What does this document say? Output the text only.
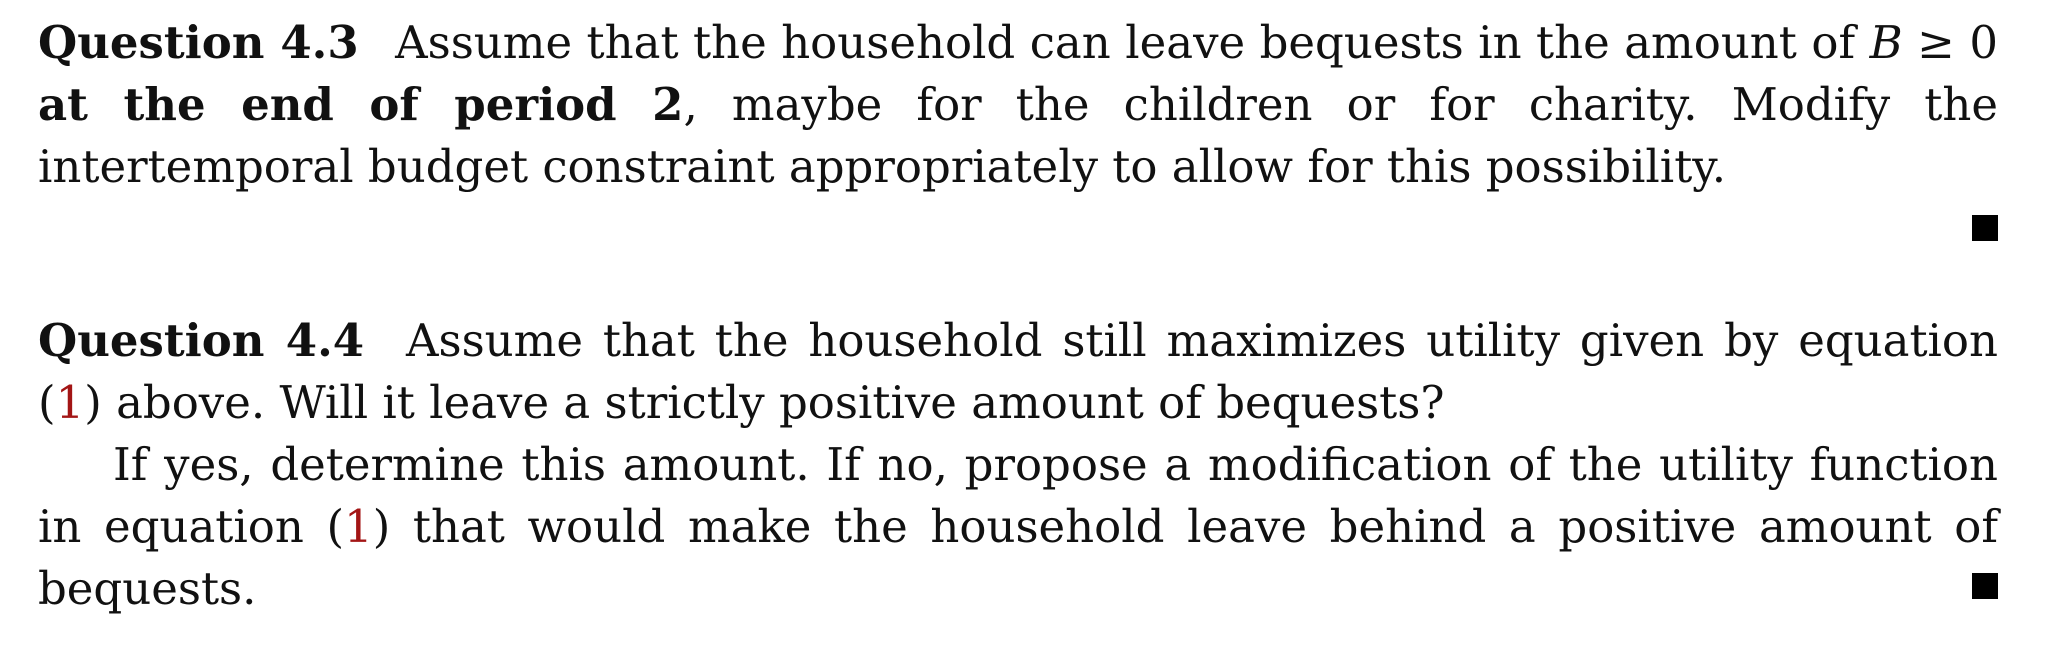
Question 4.3 Assume that the household can leave bequests in the amount of B ≥ 0 at the end of period 2, maybe for the children or for charity. Modify the intertemporal budget constraint appropriately to allow for this possibility.

Question 4.4 Assume that the household still maximizes utility given by equation (1) above. Will it leave a strictly positive amount of bequests?

If yes, determine this amount. If no, propose a modification of the utility function in equation (1) that would make the household leave behind a positive amount of bequests.
